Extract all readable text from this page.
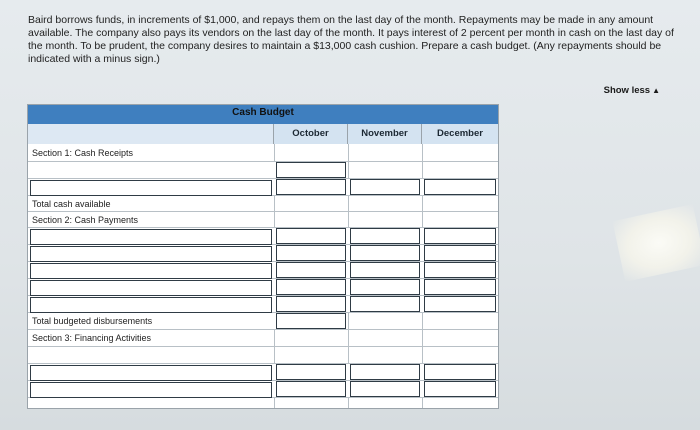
Baird borrows funds, in increments of $1,000, and repays them on the last day of the month. Repayments may be made in any amount available. The company also pays its vendors on the last day of the month. It pays interest of 2 percent per month in cash on the last day of the month. To be prudent, the company desires to maintain a $13,000 cash cushion. Prepare a cash budget. (Any repayments should be indicated with a minus sign.)

Show less ▲
Cash Budget
October	November	December
Section 1: Cash Receipts
Total cash available
Section 2: Cash Payments
Total budgeted disbursements
Section 3: Financing Activities
